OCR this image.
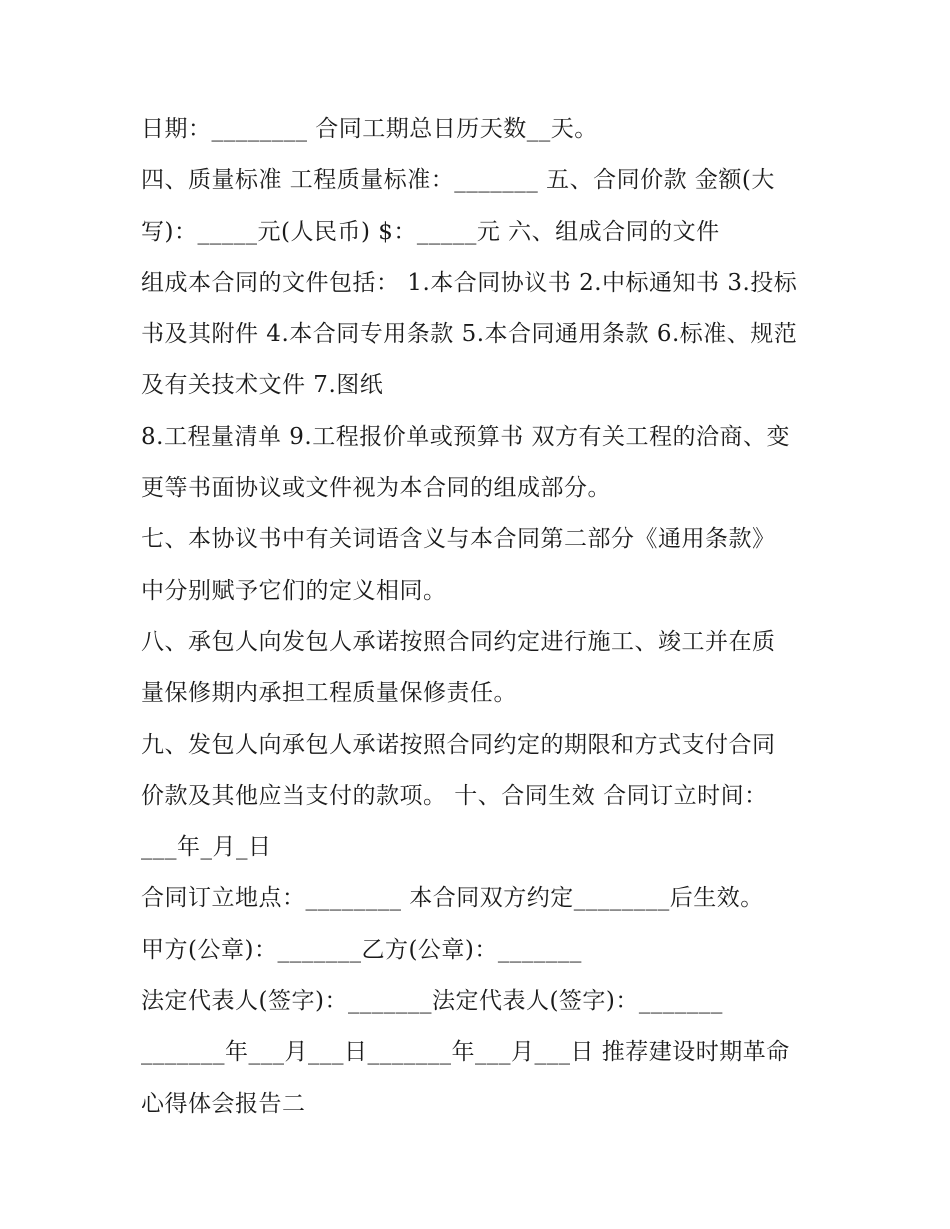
日期：________ 合同工期总日历天数__天。
四、质量标准 工程质量标准：_______ 五、合同价款 金额(大
写)：_____元(人民币) $：_____元 六、组成合同的文件
组成本合同的文件包括： 1.本合同协议书 2.中标通知书 3.投标
书及其附件 4.本合同专用条款 5.本合同通用条款 6.标准、规范
及有关技术文件 7.图纸
8.工程量清单 9.工程报价单或预算书 双方有关工程的洽商、变
更等书面协议或文件视为本合同的组成部分。
七、本协议书中有关词语含义与本合同第二部分《通用条款》
中分别赋予它们的定义相同。
八、承包人向发包人承诺按照合同约定进行施工、竣工并在质
量保修期内承担工程质量保修责任。
九、发包人向承包人承诺按照合同约定的期限和方式支付合同
价款及其他应当支付的款项。 十、合同生效 合同订立时间：
___年_月_日
合同订立地点：________ 本合同双方约定________后生效。
甲方(公章)：_______乙方(公章)：_______
法定代表人(签字)：_______法定代表人(签字)：_______
_______年___月___日_______年___月___日 推荐建设时期革命
心得体会报告二
